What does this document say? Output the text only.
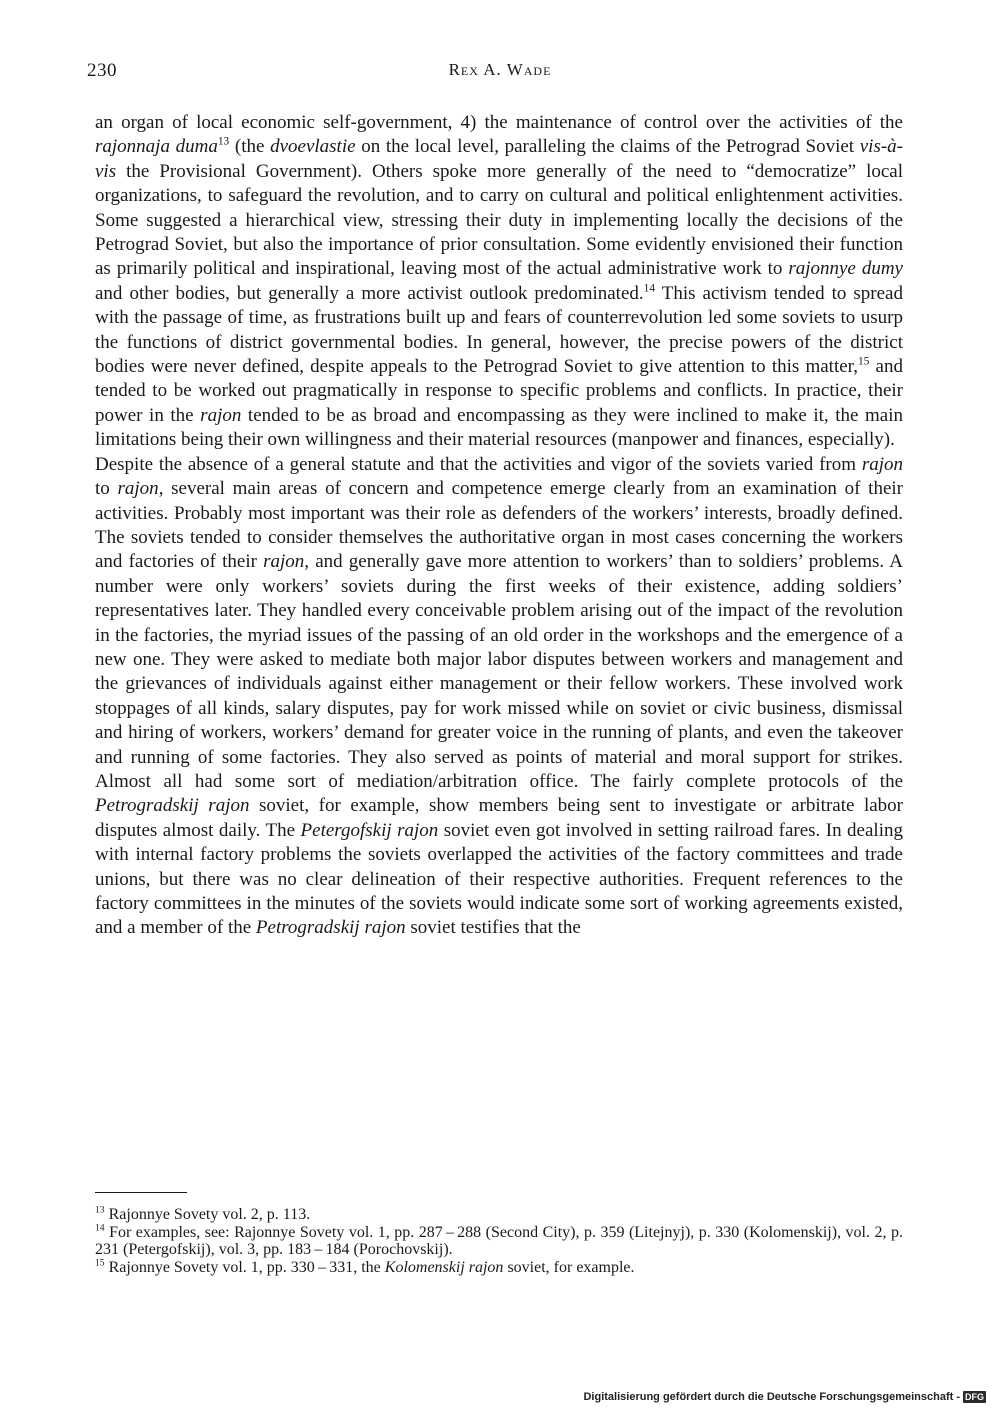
230	Rex A. Wade

an organ of local economic self-government, 4) the maintenance of control over the activities of the rajonnaja duma$^{13}$ (the dvoevlastie on the local level, paralleling the claims of the Petrograd Soviet vis-à-vis the Provisional Government). Others spoke more generally of the need to “democratize” local organizations, to safeguard the revolution, and to carry on cultural and political enlightenment activities. Some suggested a hierarchical view, stressing their duty in implementing locally the decisions of the Petrograd Soviet, but also the importance of prior consultation. Some evidently envisioned their function as primarily political and inspirational, leaving most of the actual administrative work to rajonnye dumy and other bodies, but generally a more activist outlook predominated.$^{14}$ This activism tended to spread with the passage of time, as frustrations built up and fears of counterrevolution led some soviets to usurp the functions of district governmental bodies. In general, however, the precise powers of the district bodies were never defined, despite appeals to the Petrograd Soviet to give attention to this matter,$^{15}$ and tended to be worked out pragmatically in response to specific problems and conflicts. In practice, their power in the rajon tended to be as broad and encompassing as they were inclined to make it, the main limitations being their own willingness and their material resources (manpower and finances, especially).

Despite the absence of a general statute and that the activities and vigor of the soviets varied from rajon to rajon, several main areas of concern and competence emerge clearly from an examination of their activities. Probably most important was their role as defenders of the workers’ interests, broadly defined. The soviets tended to consider themselves the authoritative organ in most cases concerning the workers and factories of their rajon, and generally gave more attention to workers’ than to soldiers’ problems. A number were only workers’ soviets during the first weeks of their existence, adding soldiers’ representatives later. They handled every conceivable problem arising out of the impact of the revolution in the factories, the myriad issues of the passing of an old order in the workshops and the emergence of a new one. They were asked to mediate both major labor disputes between workers and management and the grievances of individuals against either management or their fellow workers. These involved work stoppages of all kinds, salary disputes, pay for work missed while on soviet or civic business, dismissal and hiring of workers, workers’ demand for greater voice in the running of plants, and even the takeover and running of some factories. They also served as points of material and moral support for strikes. Almost all had some sort of mediation/arbitration office. The fairly complete protocols of the Petrogradskij rajon soviet, for example, show members being sent to investigate or arbitrate labor disputes almost daily. The Petergofskij rajon soviet even got involved in setting railroad fares. In dealing with internal factory problems the soviets overlapped the activities of the factory committees and trade unions, but there was no clear delineation of their respective authorities. Frequent references to the factory committees in the minutes of the soviets would indicate some sort of working agreements existed, and a member of the Petrogradskij rajon soviet testifies that the

$^{13}$ Rajonnye Sovety vol. 2, p. 113.

$^{14}$ For examples, see: Rajonnye Sovety vol. 1, pp. 287 – 288 (Second City), p. 359 (Litejnyj), p. 330 (Kolomenskij), vol. 2, p. 231 (Petergofskij), vol. 3, pp. 183 – 184 (Porochovskij).

$^{15}$ Rajonnye Sovety vol. 1, pp. 330 – 331, the Kolomenskij rajon soviet, for example.

Digitalisierung gefördert durch die Deutsche Forschungsgemeinschaft - DFG
